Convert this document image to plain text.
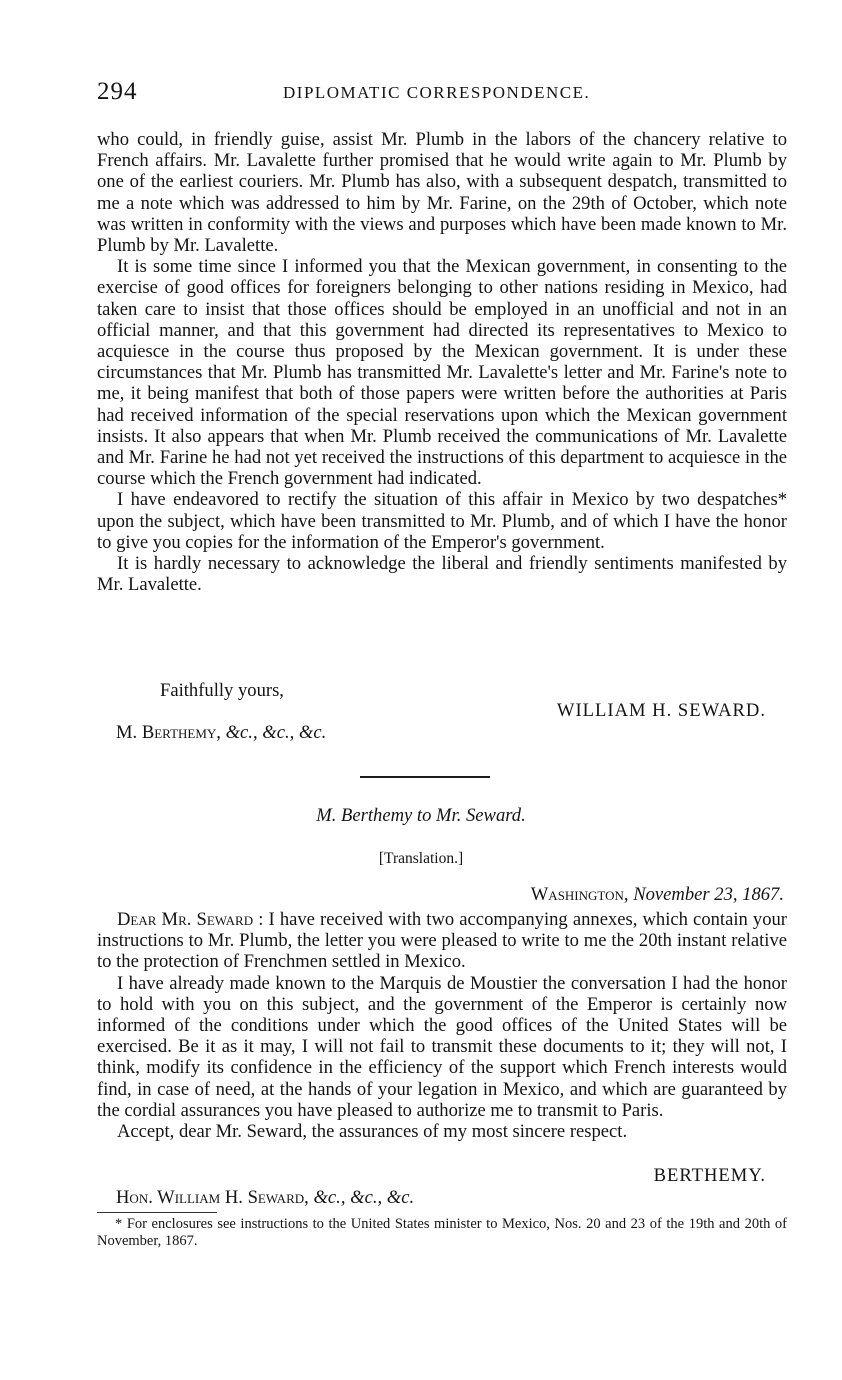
294	DIPLOMATIC CORRESPONDENCE.

who could, in friendly guise, assist Mr. Plumb in the labors of the chancery relative to French affairs. Mr. Lavalette further promised that he would write again to Mr. Plumb by one of the earliest couriers. Mr. Plumb has also, with a subsequent despatch, transmitted to me a note which was addressed to him by Mr. Farine, on the 29th of October, which note was written in conformity with the views and purposes which have been made known to Mr. Plumb by Mr. Lavalette.

It is some time since I informed you that the Mexican government, in consenting to the exercise of good offices for foreigners belonging to other nations residing in Mexico, had taken care to insist that those offices should be employed in an unofficial and not in an official manner, and that this government had directed its representatives to Mexico to acquiesce in the course thus proposed by the Mexican government. It is under these circumstances that Mr. Plumb has transmitted Mr. Lavalette's letter and Mr. Farine's note to me, it being manifest that both of those papers were written before the authorities at Paris had received information of the special reservations upon which the Mexican government insists. It also appears that when Mr. Plumb received the communications of Mr. Lavalette and Mr. Farine he had not yet received the instructions of this department to acquiesce in the course which the French government had indicated.

I have endeavored to rectify the situation of this affair in Mexico by two despatches* upon the subject, which have been transmitted to Mr. Plumb, and of which I have the honor to give you copies for the information of the Emperor's government.

It is hardly necessary to acknowledge the liberal and friendly sentiments manifested by Mr. Lavalette.

Faithfully yours,
WILLIAM H. SEWARD.
M. Berthemy, &c., &c., &c.
M. Berthemy to Mr. Seward.
[Translation.]
Washington, November 23, 1867.

Dear Mr. Seward : I have received with two accompanying annexes, which contain your instructions to Mr. Plumb, the letter you were pleased to write to me the 20th instant relative to the protection of Frenchmen settled in Mexico.

I have already made known to the Marquis de Moustier the conversation I had the honor to hold with you on this subject, and the government of the Emperor is certainly now informed of the conditions under which the good offices of the United States will be exercised. Be it as it may, I will not fail to transmit these documents to it; they will not, I think, modify its confidence in the efficiency of the support which French interests would find, in case of need, at the hands of your legation in Mexico, and which are guaranteed by the cordial assurances you have pleased to authorize me to transmit to Paris.

Accept, dear Mr. Seward, the assurances of my most sincere respect.

BERTHEMY.
Hon. William H. Seward, &c., &c., &c.
* For enclosures see instructions to the United States minister to Mexico, Nos. 20 and 23 of the 19th and 20th of November, 1867.
